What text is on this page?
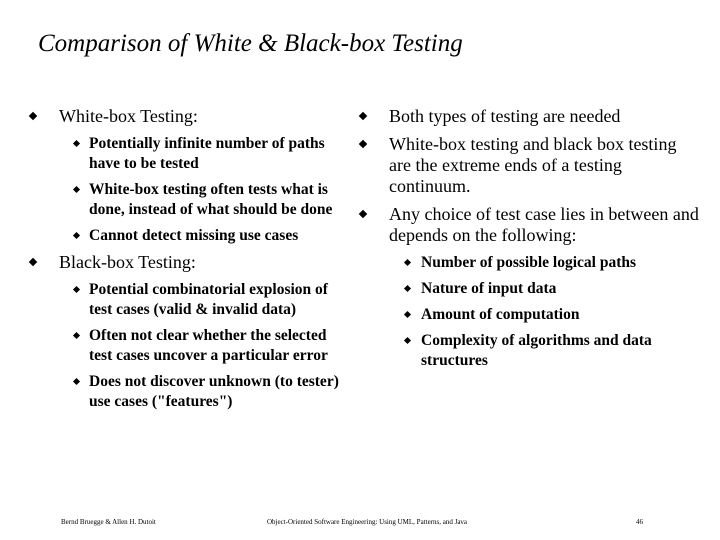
Comparison of White & Black-box Testing
White-box Testing:
Potentially infinite number of paths have to be tested
White-box testing often tests what is done, instead of what should be done
Cannot detect missing use cases
Black-box Testing:
Potential combinatorial explosion of test cases (valid & invalid data)
Often not clear whether the selected test cases uncover a particular error
Does not discover unknown (to tester) use cases ("features")
Both types of testing are needed
White-box testing and black box testing are the extreme ends of a testing continuum.
Any choice of test case lies in between and depends on the following:
Number of possible logical paths
Nature of input data
Amount of computation
Complexity of algorithms and data structures
Bernd Bruegge & Allen H. Dutoit	Object-Oriented Software Engineering: Using UML, Patterns, and Java	46
